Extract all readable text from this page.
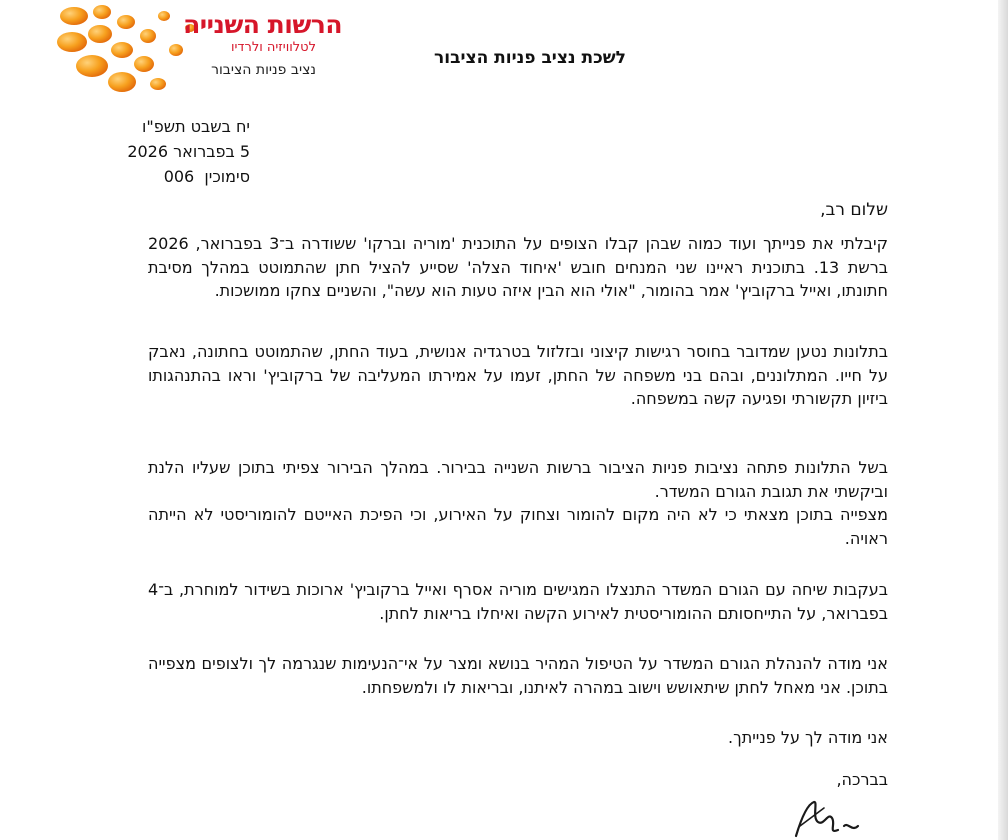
הרשות השנייה
לטלוויזיה ולרדיו
נציב פניות הציבור
לשכת נציב פניות הציבור
יח בשבט תשפ"ו
5 בפברואר 2026
סימוכין  006
שלום רב,
קיבלתי את פנייתך ועוד כמוה שבהן קבלו הצופים על התוכנית 'מוריה וברקו' ששודרה ב־3 בפברואר, 2026 ברשת 13. בתוכנית ראיינו שני המנחים חובש 'איחוד הצלה' שסייע להציל חתן שהתמוטט במהלך מסיבת חתונתו, ואייל ברקוביץ' אמר בהומור, "אולי הוא הבין איזה טעות הוא עשה", והשניים צחקו ממושכות.
בתלונות נטען שמדובר בחוסר רגישות קיצוני ובזלזול בטרגדיה אנושית, בעוד החתן, שהתמוטט בחתונה, נאבק על חייו. המתלוננים, ובהם בני משפחה של החתן, זעמו על אמירתו המעליבה של ברקוביץ' וראו בהתנהגותו ביזיון תקשורתי ופגיעה קשה במשפחה.
בשל התלונות פתחה נציבות פניות הציבור ברשות השנייה בבירור. במהלך הבירור צפיתי בתוכן שעליו הלנת וביקשתי את תגובת הגורם המשדר.
מצפייה בתוכן מצאתי כי לא היה מקום להומור וצחוק על האירוע, וכי הפיכת האייטם להומוריסטי לא הייתה ראויה.
בעקבות שיחה עם הגורם המשדר התנצלו המגישים מוריה אסרף ואייל ברקוביץ' ארוכות בשידור למוחרת, ב־4 בפברואר, על התייחסותם ההומוריסטית לאירוע הקשה ואיחלו בריאות לחתן.
אני מודה להנהלת הגורם המשדר על הטיפול המהיר בנושא ומצר על אי־הנעימות שנגרמה לך ולצופים מצפייה בתוכן. אני מאחל לחתן שיתאושש וישוב במהרה לאיתנו, ובריאות לו ולמשפחתו.
אני מודה לך על פנייתך.
בברכה,
